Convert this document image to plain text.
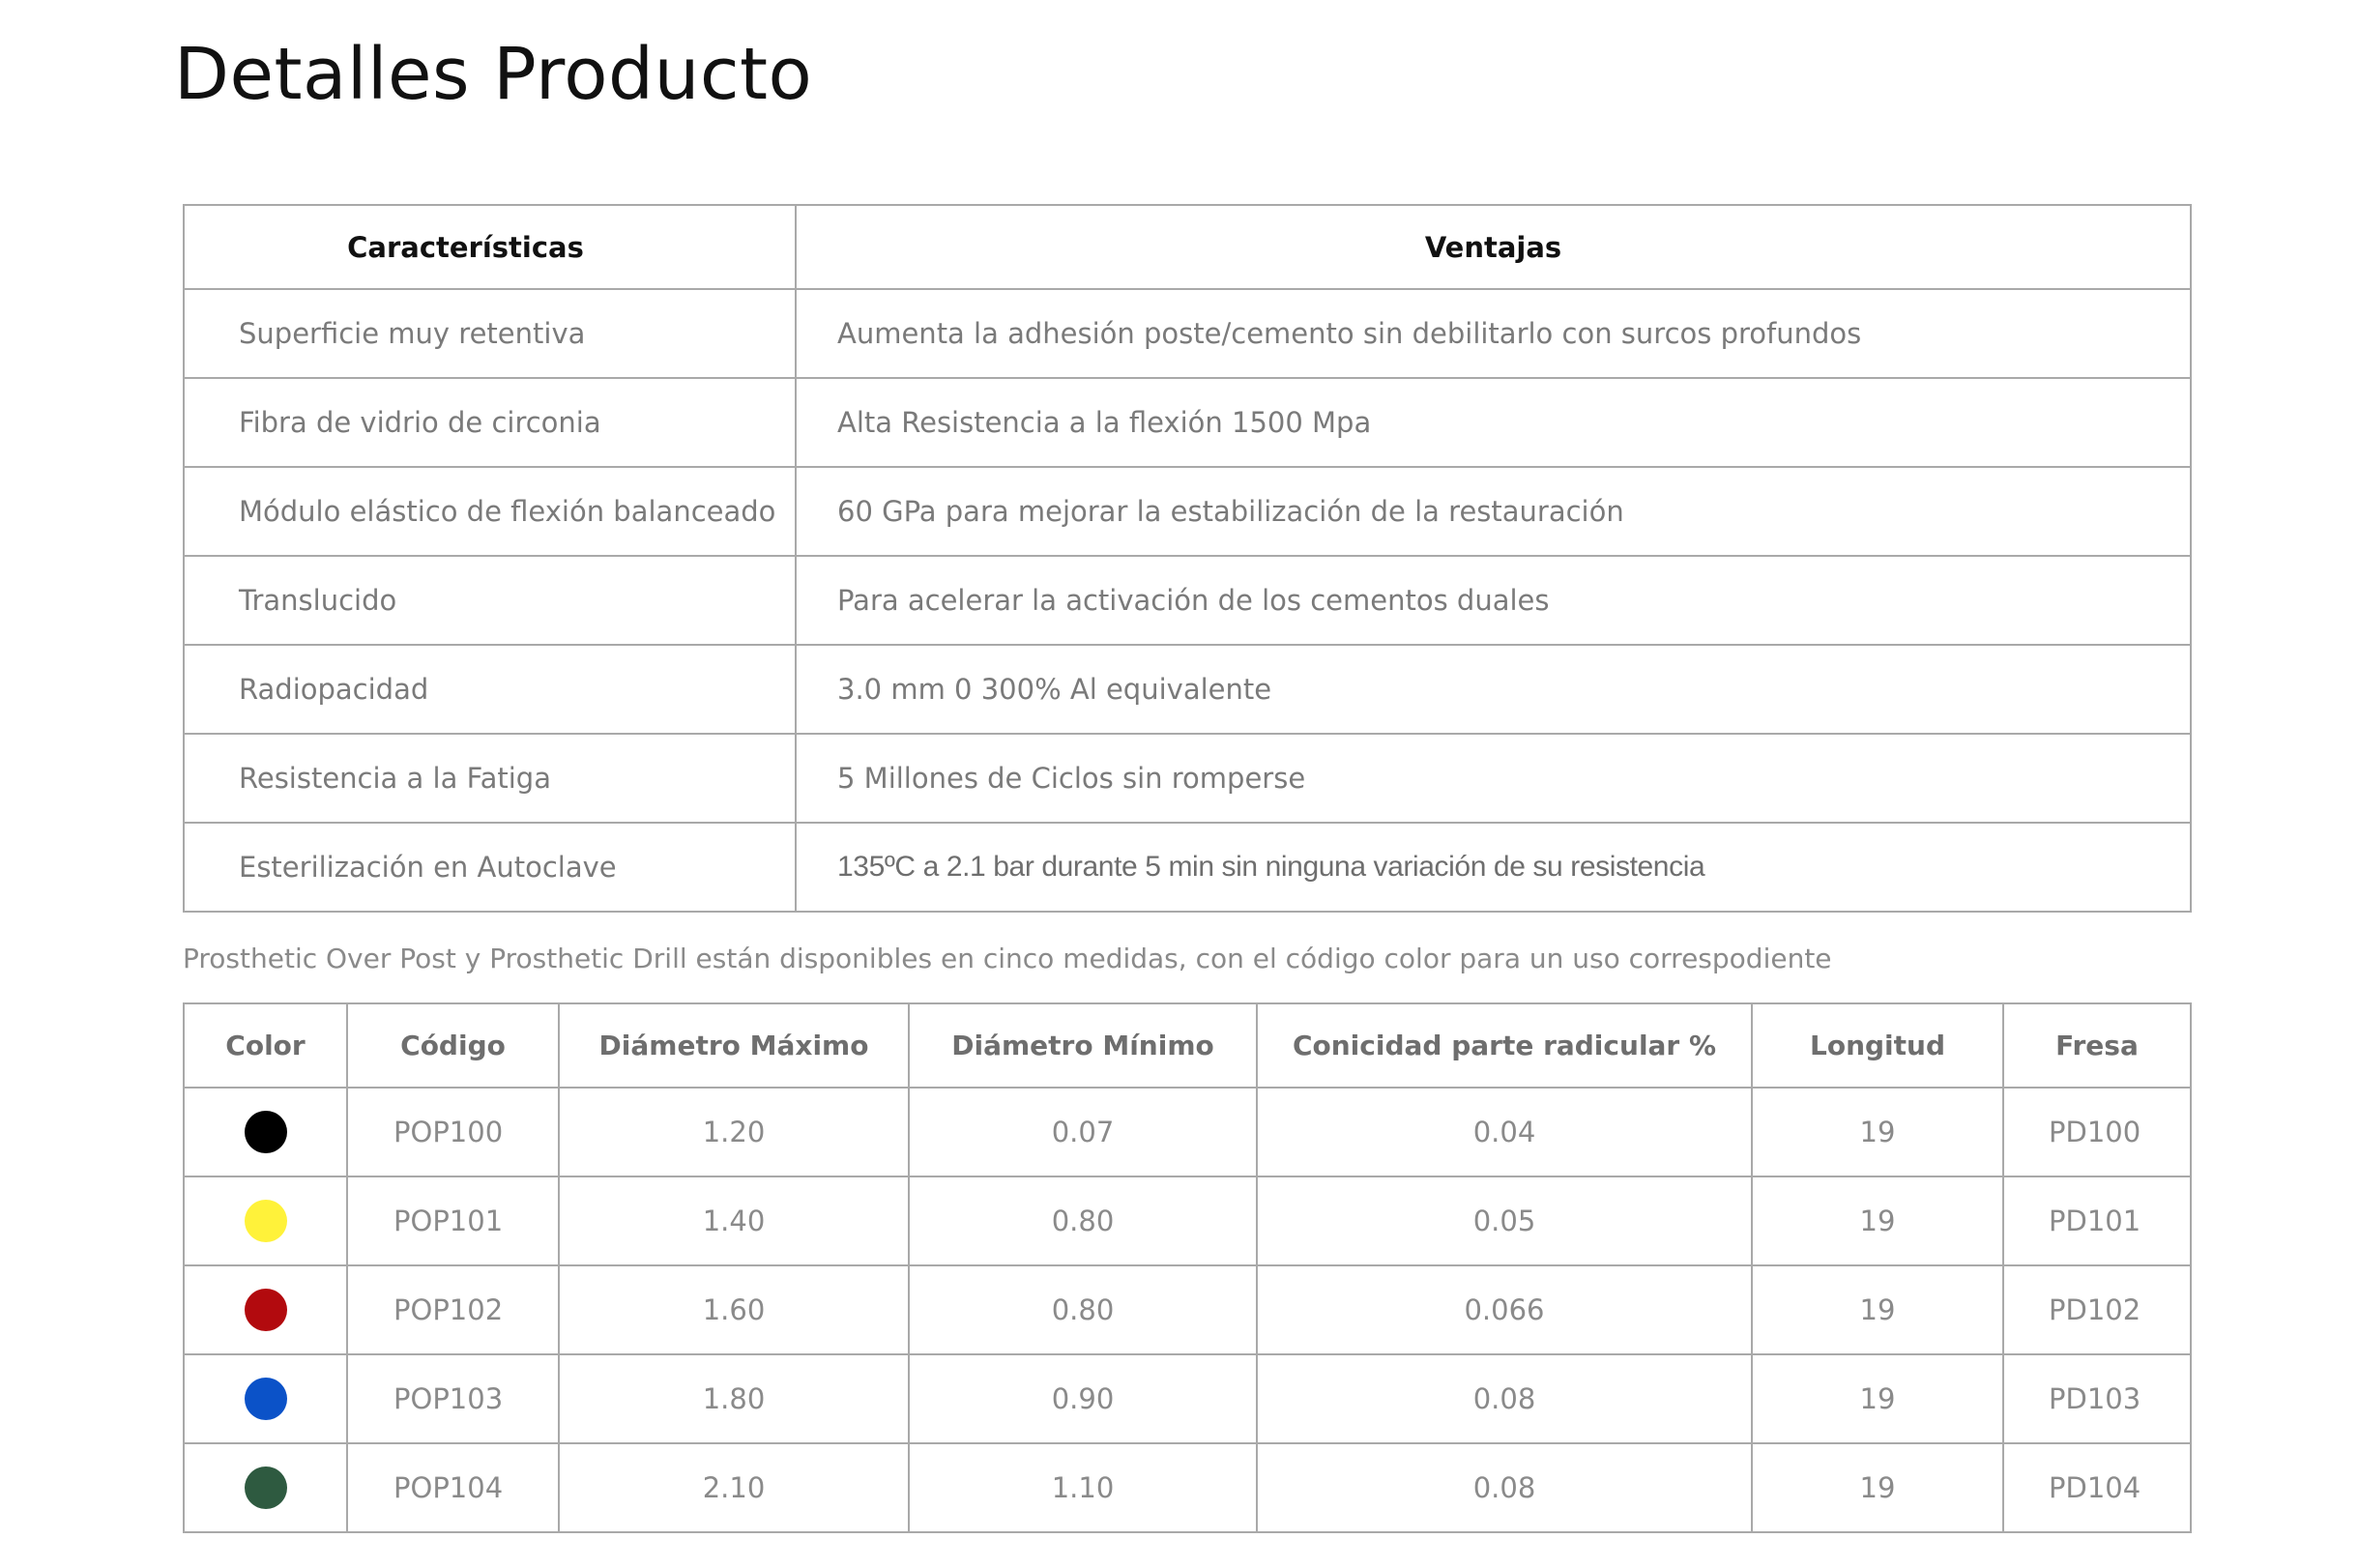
Detalles Producto
Características	Ventajas
Superficie muy retentiva	Aumenta la adhesión poste/cemento sin debilitarlo con surcos profundos
Fibra de vidrio de circonia	Alta Resistencia a la flexión 1500 Mpa
Módulo elástico de flexión balanceado	60 GPa para mejorar la estabilización de la restauración
Translucido	Para acelerar la activación de los cementos duales
Radiopacidad	3.0 mm 0 300% Al equivalente
Resistencia a la Fatiga	5 Millones de Ciclos sin romperse
Esterilización en Autoclave	135ºC a 2.1 bar durante 5 min sin ninguna variación de su resistencia

Prosthetic Over Post y Prosthetic Drill están disponibles en cinco medidas, con el código color para un uso correspodiente

Color	Código	Diámetro Máximo	Diámetro Mínimo	Conicidad parte radicular %	Longitud	Fresa
	POP100	1.20	0.07	0.04	19	PD100
	POP101	1.40	0.80	0.05	19	PD101
	POP102	1.60	0.80	0.066	19	PD102
	POP103	1.80	0.90	0.08	19	PD103
	POP104	2.10	1.10	0.08	19	PD104
